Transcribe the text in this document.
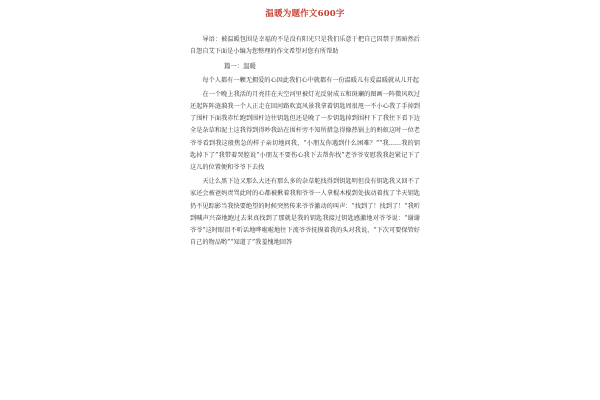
温暖为题作文600字

导语：被温暖包围是幸福的不是没有阳光只是我们乐意于把自己囚禁于黑暗然后自怨自艾下面是小编为您整理的作文希望对您有所帮助

篇一：温暖

每个人都有一颗无拥爱的心因此我们心中就都有一份温暖儿有爱温暖就从儿开起

在一个晚上我活的月亮挂在天空河里被灯光反射成五和斑斓的图画一阵微风吹过还起阵阵涟漪我一个人正走在回河路吹寞风景我拿着钥匙周很甩一不小心我了手掉到了围杆下面我赤忙跑到围杆边往钥匙但还是晚了一步钥匙掉到围杆下了我往下看下边全是杂草和泥土这我得到得吵我站在围杆旁不知所措急得像热锅上的蚂蚁这时一位老爷爷看到我这般焦急的样子亲切地问我，“小朋友你遇到什么困难？”“我……我的钥匙掉下了”我带着哭腔说“小朋友不要伤心我下去帮你找”老爷爷安慰我我赶紧记下了这儿的位置便和爷爷下去找

天让么黑下边又那么大还有那么多的杂草舵找得到钥匙明但没有钥匙我又回不了家还会被爸妈责骂此时的心都被揪着我和爷爷一人拿棍木棍到处拔动着找了半天钥匙仍不见踪影当我快要绝望的时候突然传来爷爷激动的叫声：“找到了！找到了！”我听到喊声兴奋地跑过去果真找到了那就是我的钥匙我接过钥匙感激地对爷爷说：“谢谢爷爷”这时眼泪不听话地哗啦啦地往下流爷爷抚摸着我的头对我说，“下次可要保管好自己的物品哟”“知道了”我羞愧地回答
